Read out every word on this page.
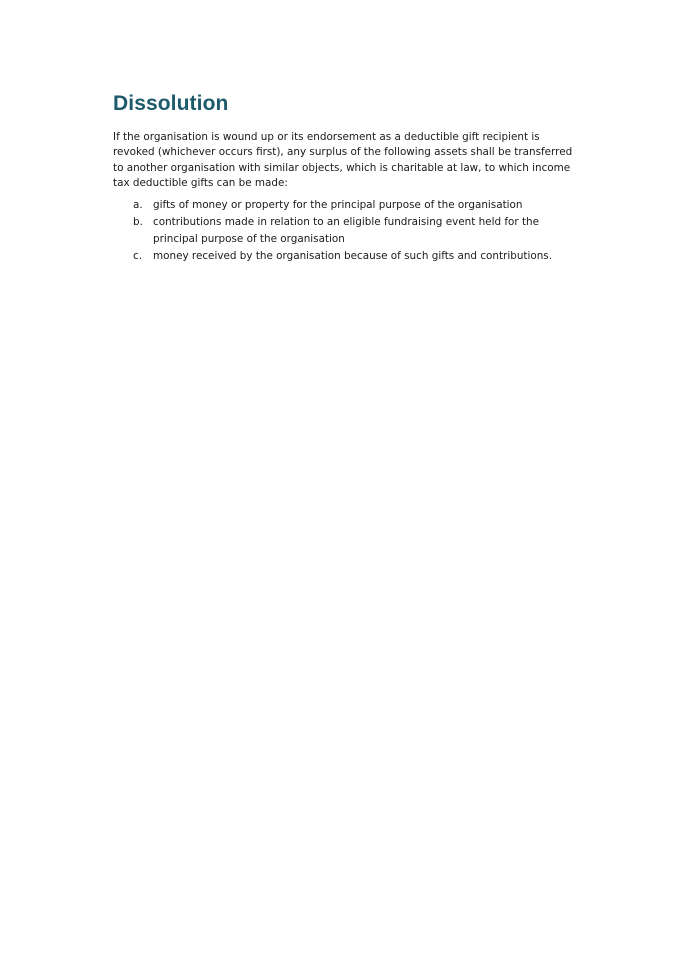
Dissolution

If the organisation is wound up or its endorsement as a deductible gift recipient is revoked (whichever occurs first), any surplus of the following assets shall be transferred to another organisation with similar objects, which is charitable at law, to which income tax deductible gifts can be made:

a. gifts of money or property for the principal purpose of the organisation
b. contributions made in relation to an eligible fundraising event held for the principal purpose of the organisation
c. money received by the organisation because of such gifts and contributions.
